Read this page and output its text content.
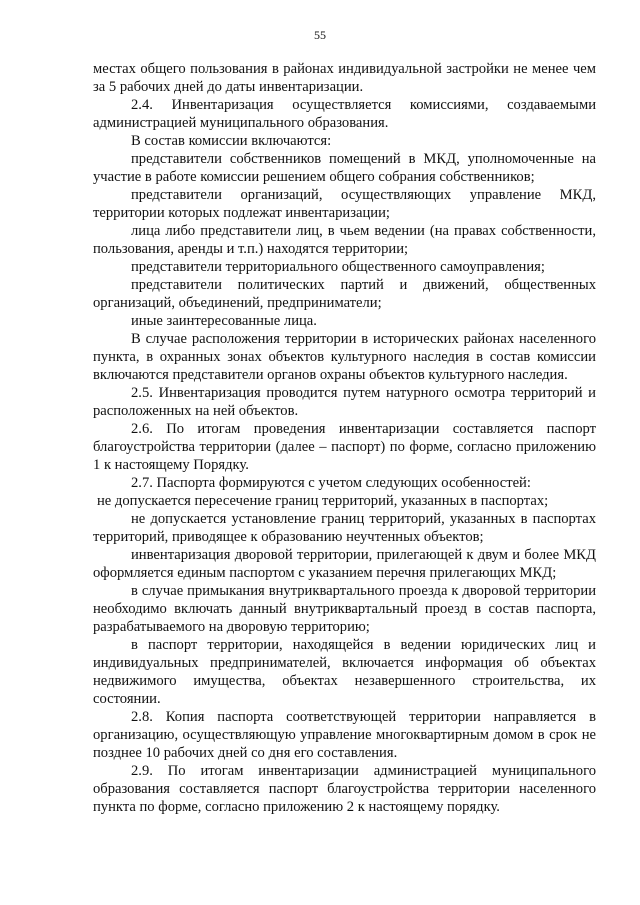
55

местах общего пользования в районах индивидуальной застройки не менее чем за 5 рабочих дней до даты инвентаризации.

2.4. Инвентаризация осуществляется комиссиями, создаваемыми администрацией муниципального образования.

В состав комиссии включаются:

представители собственников помещений в МКД, уполномоченные на участие в работе комиссии решением общего собрания собственников;

представители организаций, осуществляющих управление МКД, территории которых подлежат инвентаризации;

лица либо представители лиц, в чьем ведении (на правах собственности, пользования, аренды и т.п.) находятся территории;

представители территориального общественного самоуправления;

представители политических партий и движений, общественных организаций, объединений, предприниматели;

иные заинтересованные лица.

В случае расположения территории в исторических районах населенного пункта, в охранных зонах объектов культурного наследия в состав комиссии включаются представители органов охраны объектов культурного наследия.

2.5. Инвентаризация проводится путем натурного осмотра территорий и расположенных на ней объектов.

2.6. По итогам проведения инвентаризации составляется паспорт благоустройства территории (далее – паспорт) по форме, согласно приложению 1 к настоящему Порядку.

2.7. Паспорта формируются с учетом следующих особенностей:

не допускается пересечение границ территорий, указанных в паспортах;

не допускается установление границ территорий, указанных в паспортах территорий, приводящее к образованию неучтенных объектов;

инвентаризация дворовой территории, прилегающей к двум и более МКД оформляется единым паспортом с указанием перечня прилегающих МКД;

в случае примыкания внутриквартального проезда к дворовой территории необходимо включать данный внутриквартальный проезд в состав паспорта, разрабатываемого на дворовую территорию;

в паспорт территории, находящейся в ведении юридических лиц и индивидуальных предпринимателей, включается информация об объектах недвижимого имущества, объектах незавершенного строительства, их состоянии.

2.8. Копия паспорта соответствующей территории направляется в организацию, осуществляющую управление многоквартирным домом в срок не позднее 10 рабочих дней со дня его составления.

2.9. По итогам инвентаризации администрацией муниципального образования составляется паспорт благоустройства территории населенного пункта по форме, согласно приложению 2 к настоящему порядку.
